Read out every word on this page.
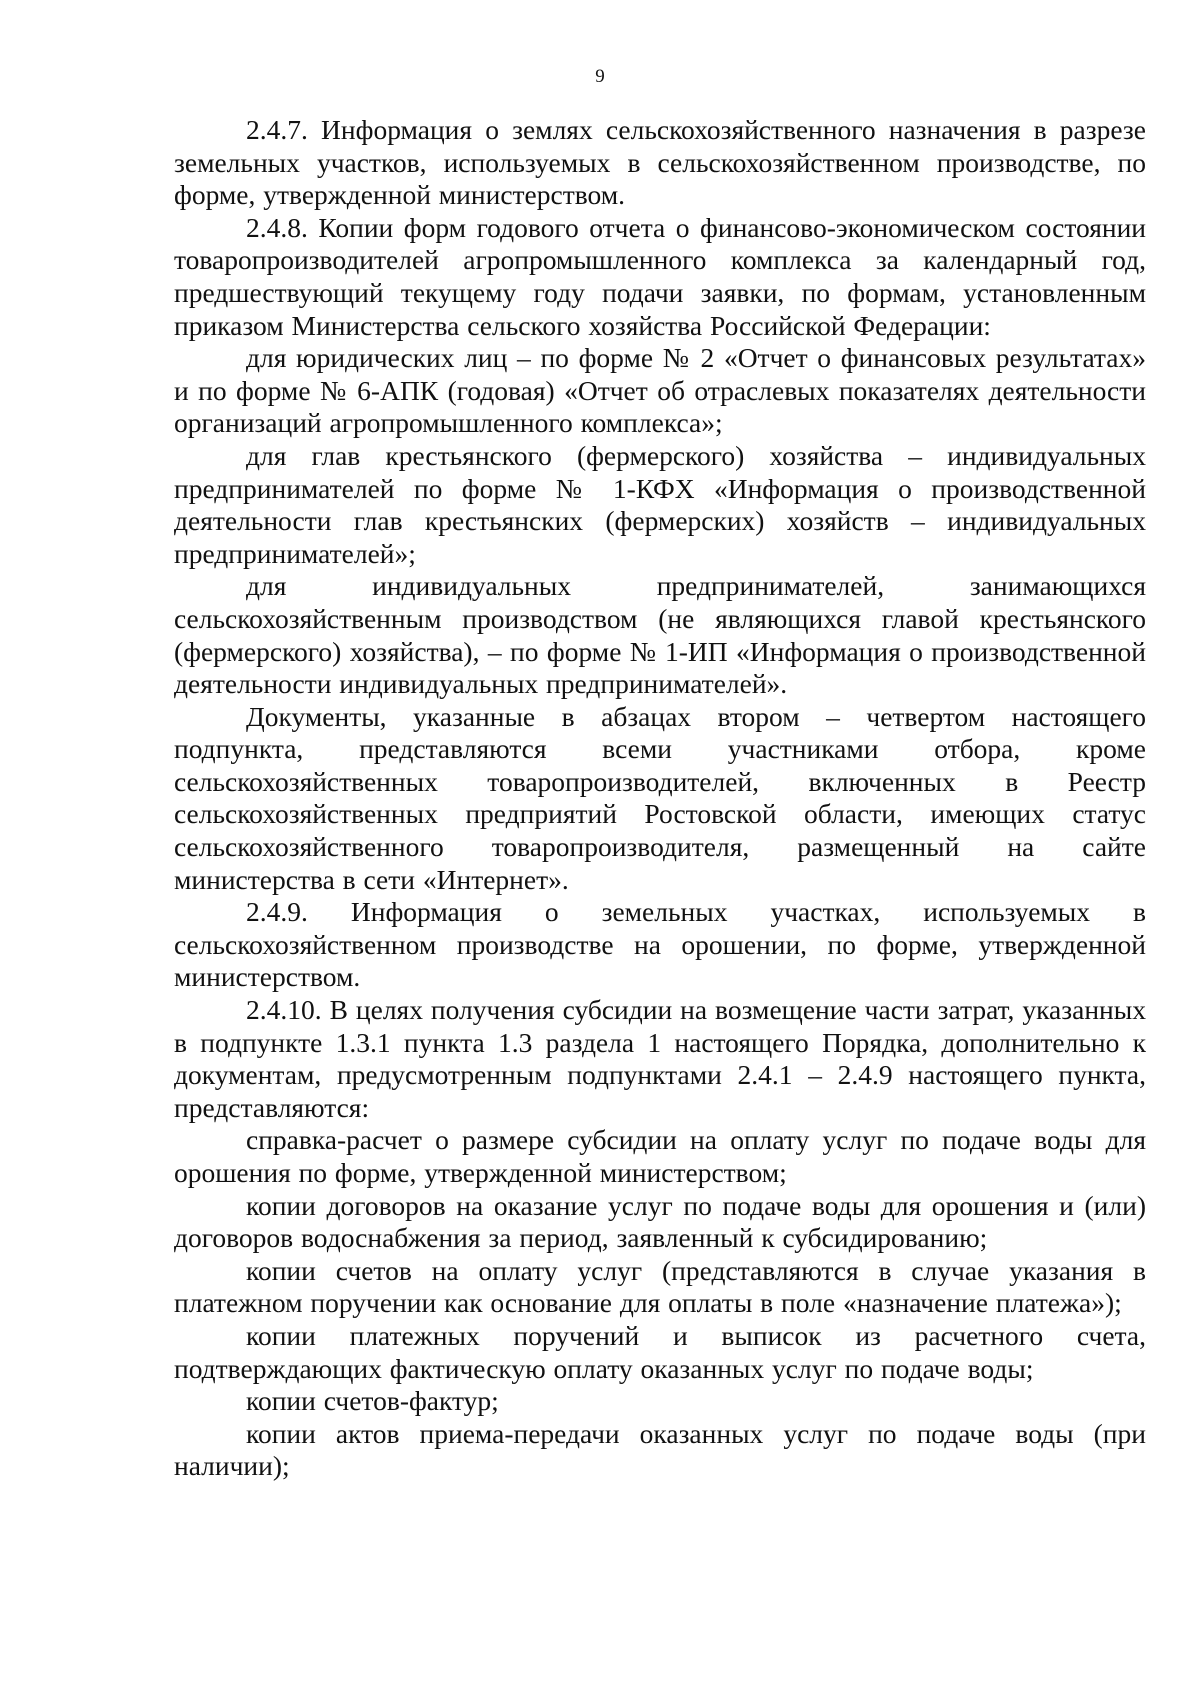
9

2.4.7. Информация о землях сельскохозяйственного назначения в разрезе земельных участков, используемых в сельскохозяйственном производстве, по форме, утвержденной министерством.

2.4.8. Копии форм годового отчета о финансово-экономическом состоянии товаропроизводителей агропромышленного комплекса за календарный год, предшествующий текущему году подачи заявки, по формам, установленным приказом Министерства сельского хозяйства Российской Федерации:

для юридических лиц – по форме № 2 «Отчет о финансовых результатах» и по форме № 6-АПК (годовая) «Отчет об отраслевых показателях деятельности организаций агропромышленного комплекса»;

для глав крестьянского (фермерского) хозяйства – индивидуальных предпринимателей по форме № 1-КФХ «Информация о производственной деятельности глав крестьянских (фермерских) хозяйств – индивидуальных предпринимателей»;

для индивидуальных предпринимателей, занимающихся сельскохозяйственным производством (не являющихся главой крестьянского (фермерского) хозяйства), – по форме № 1-ИП «Информация о производственной деятельности индивидуальных предпринимателей».

Документы, указанные в абзацах втором – четвертом настоящего подпункта, представляются всеми участниками отбора, кроме сельскохозяйственных товаропроизводителей, включенных в Реестр сельскохозяйственных предприятий Ростовской области, имеющих статус сельскохозяйственного товаропроизводителя, размещенный на сайте министерства в сети «Интернет».

2.4.9. Информация о земельных участках, используемых в сельскохозяйственном производстве на орошении, по форме, утвержденной министерством.

2.4.10. В целях получения субсидии на возмещение части затрат, указанных в подпункте 1.3.1 пункта 1.3 раздела 1 настоящего Порядка, дополнительно к документам, предусмотренным подпунктами 2.4.1 – 2.4.9 настоящего пункта, представляются:

справка-расчет о размере субсидии на оплату услуг по подаче воды для орошения по форме, утвержденной министерством;

копии договоров на оказание услуг по подаче воды для орошения и (или) договоров водоснабжения за период, заявленный к субсидированию;

копии счетов на оплату услуг (представляются в случае указания в платежном поручении как основание для оплаты в поле «назначение платежа»);

копии платежных поручений и выписок из расчетного счета, подтверждающих фактическую оплату оказанных услуг по подаче воды;

копии счетов-фактур;

копии актов приема-передачи оказанных услуг по подаче воды (при наличии);
